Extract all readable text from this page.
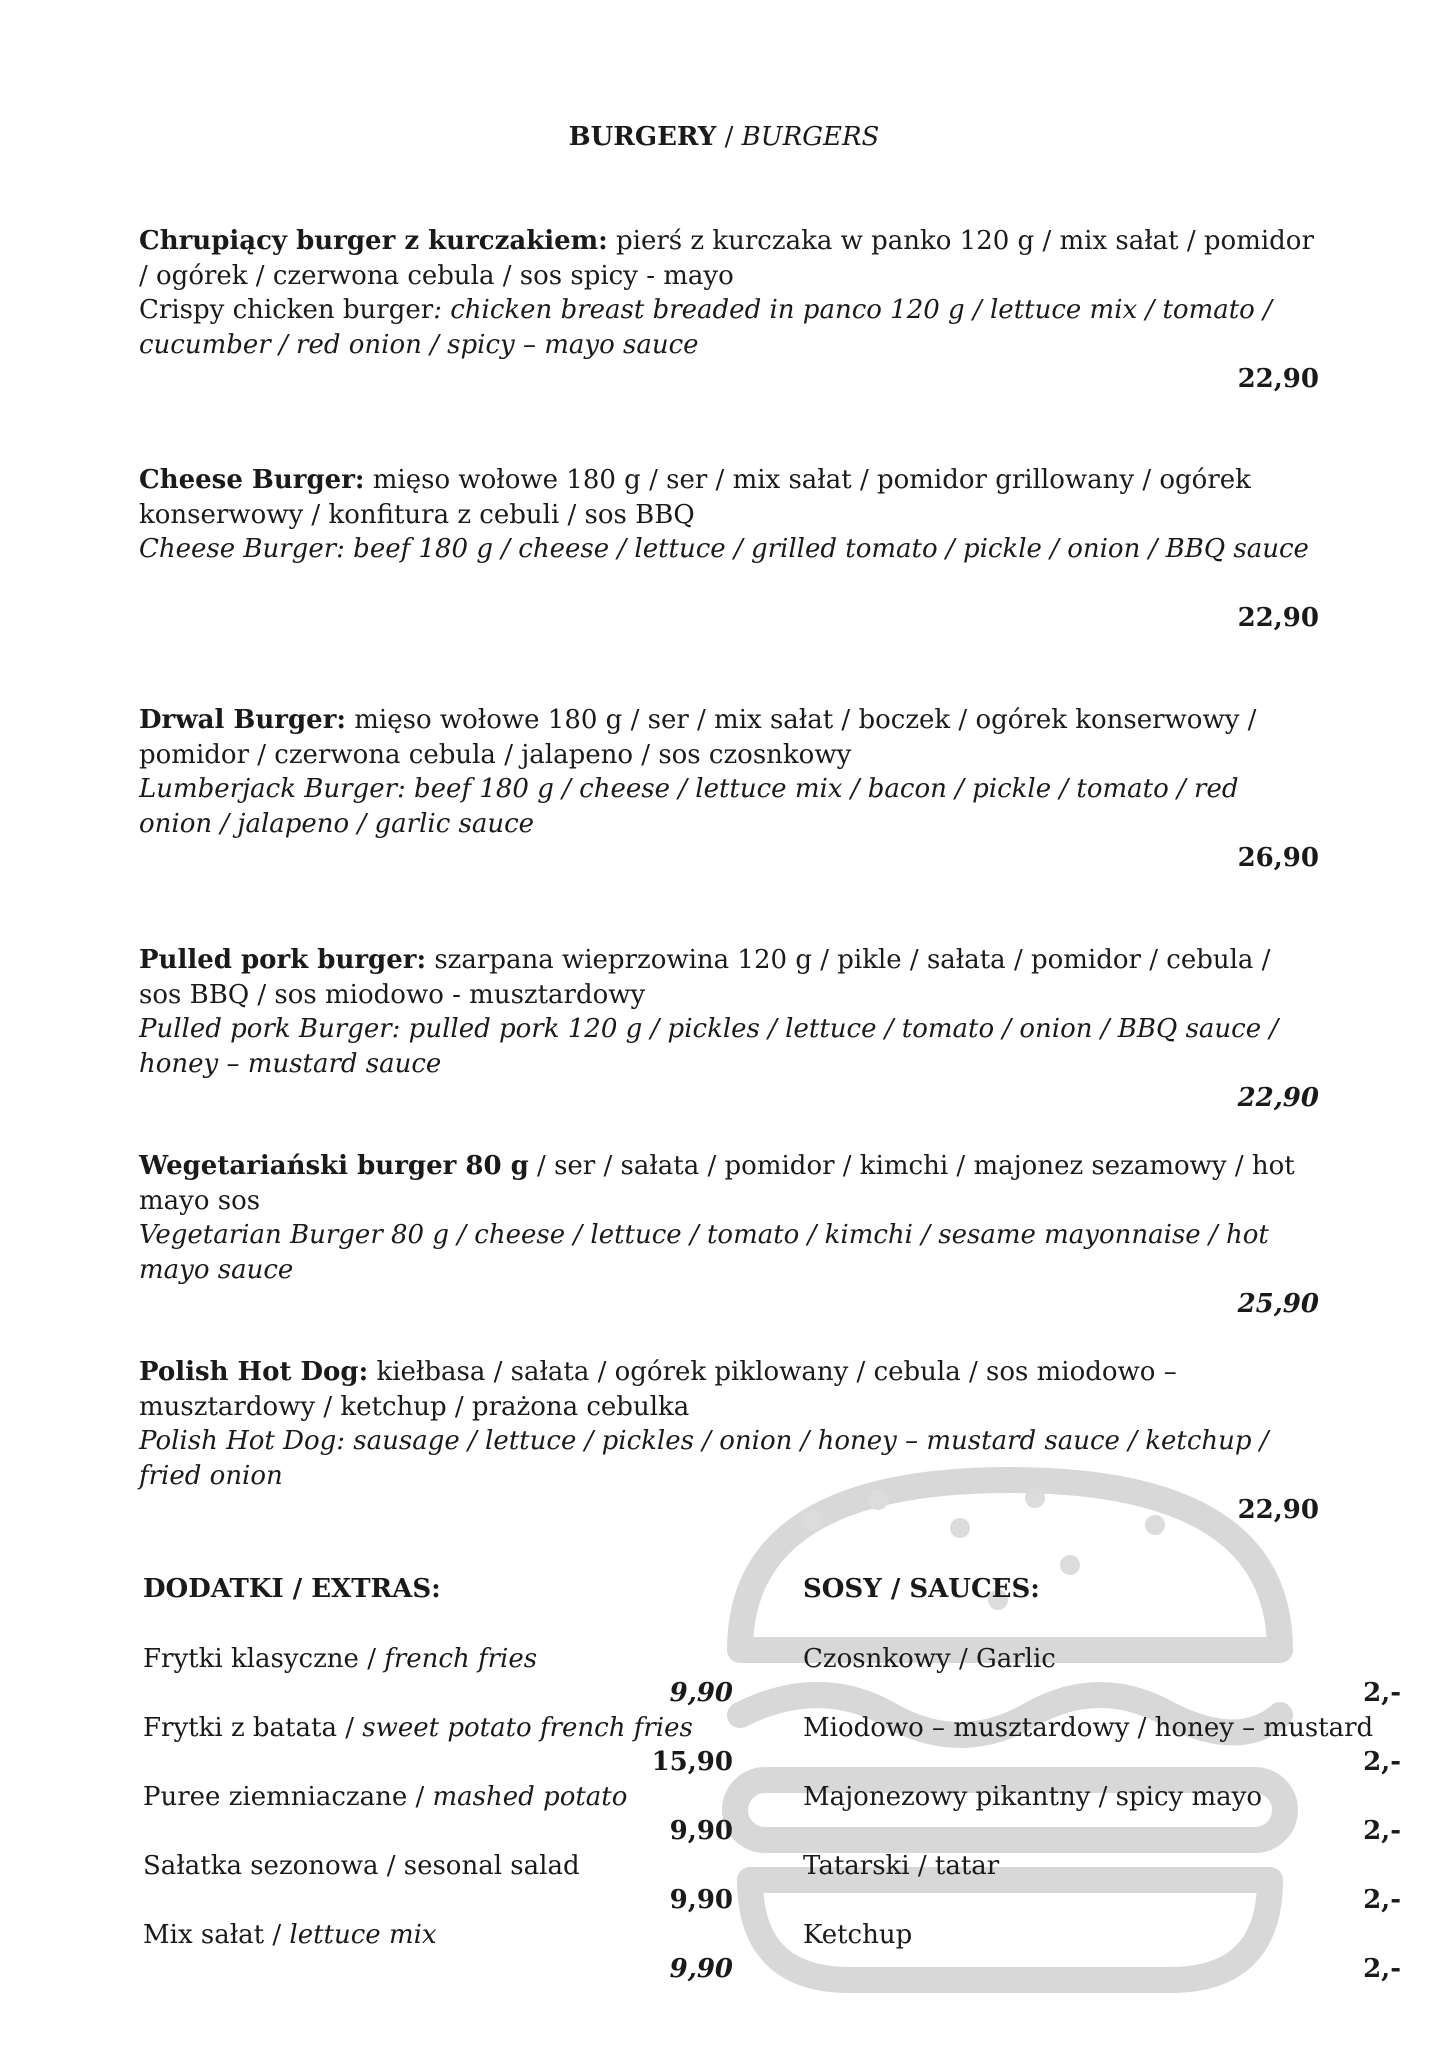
BURGERY / BURGERS
Chrupiący burger z kurczakiem: pierś z kurczaka w panko 120 g / mix sałat / pomidor / ogórek / czerwona cebula / sos spicy - mayo
Crispy chicken burger: chicken breast breaded in panco 120 g / lettuce mix / tomato / cucumber / red onion / spicy – mayo sauce
22,90
Cheese Burger: mięso wołowe 180 g / ser / mix sałat / pomidor grillowany / ogórek konserwowy / konfitura z cebuli / sos BBQ
Cheese Burger: beef 180 g / cheese / lettuce / grilled tomato / pickle / onion / BBQ sauce
22,90
Drwal Burger: mięso wołowe 180 g / ser / mix sałat / boczek / ogórek konserwowy / pomidor / czerwona cebula / jalapeno / sos czosnkowy
Lumberjack Burger: beef 180 g / cheese / lettuce mix / bacon / pickle / tomato / red onion / jalapeno / garlic sauce
26,90
Pulled pork burger: szarpana wieprzowina 120 g / pikle / sałata / pomidor / cebula / sos BBQ / sos miodowo - musztardowy
Pulled pork Burger: pulled pork 120 g / pickles / lettuce / tomato / onion / BBQ sauce / honey – mustard sauce
22,90
Wegetariański burger 80 g / ser / sałata / pomidor / kimchi / majonez sezamowy / hot mayo sos
Vegetarian Burger 80 g / cheese / lettuce / tomato / kimchi / sesame mayonnaise / hot mayo sauce
25,90
Polish Hot Dog: kiełbasa / sałata / ogórek piklowany / cebula / sos miodowo – musztardowy / ketchup / prażona cebulka
Polish Hot Dog: sausage / lettuce / pickles / onion / honey – mustard sauce / ketchup / fried onion
22,90
DODATKI / EXTRAS:
Frytki klasyczne / french fries
9,90
Frytki z batata / sweet potato french fries
15,90
Puree ziemniaczane / mashed potato
9,90
Sałatka sezonowa / sesonal salad
9,90
Mix sałat / lettuce mix
9,90
SOSY / SAUCES:
Czosnkowy / Garlic
2,-
Miodowo – musztardowy / honey – mustard
2,-
Majonezowy pikantny / spicy mayo
2,-
Tatarski / tatar
2,-
Ketchup
2,-
